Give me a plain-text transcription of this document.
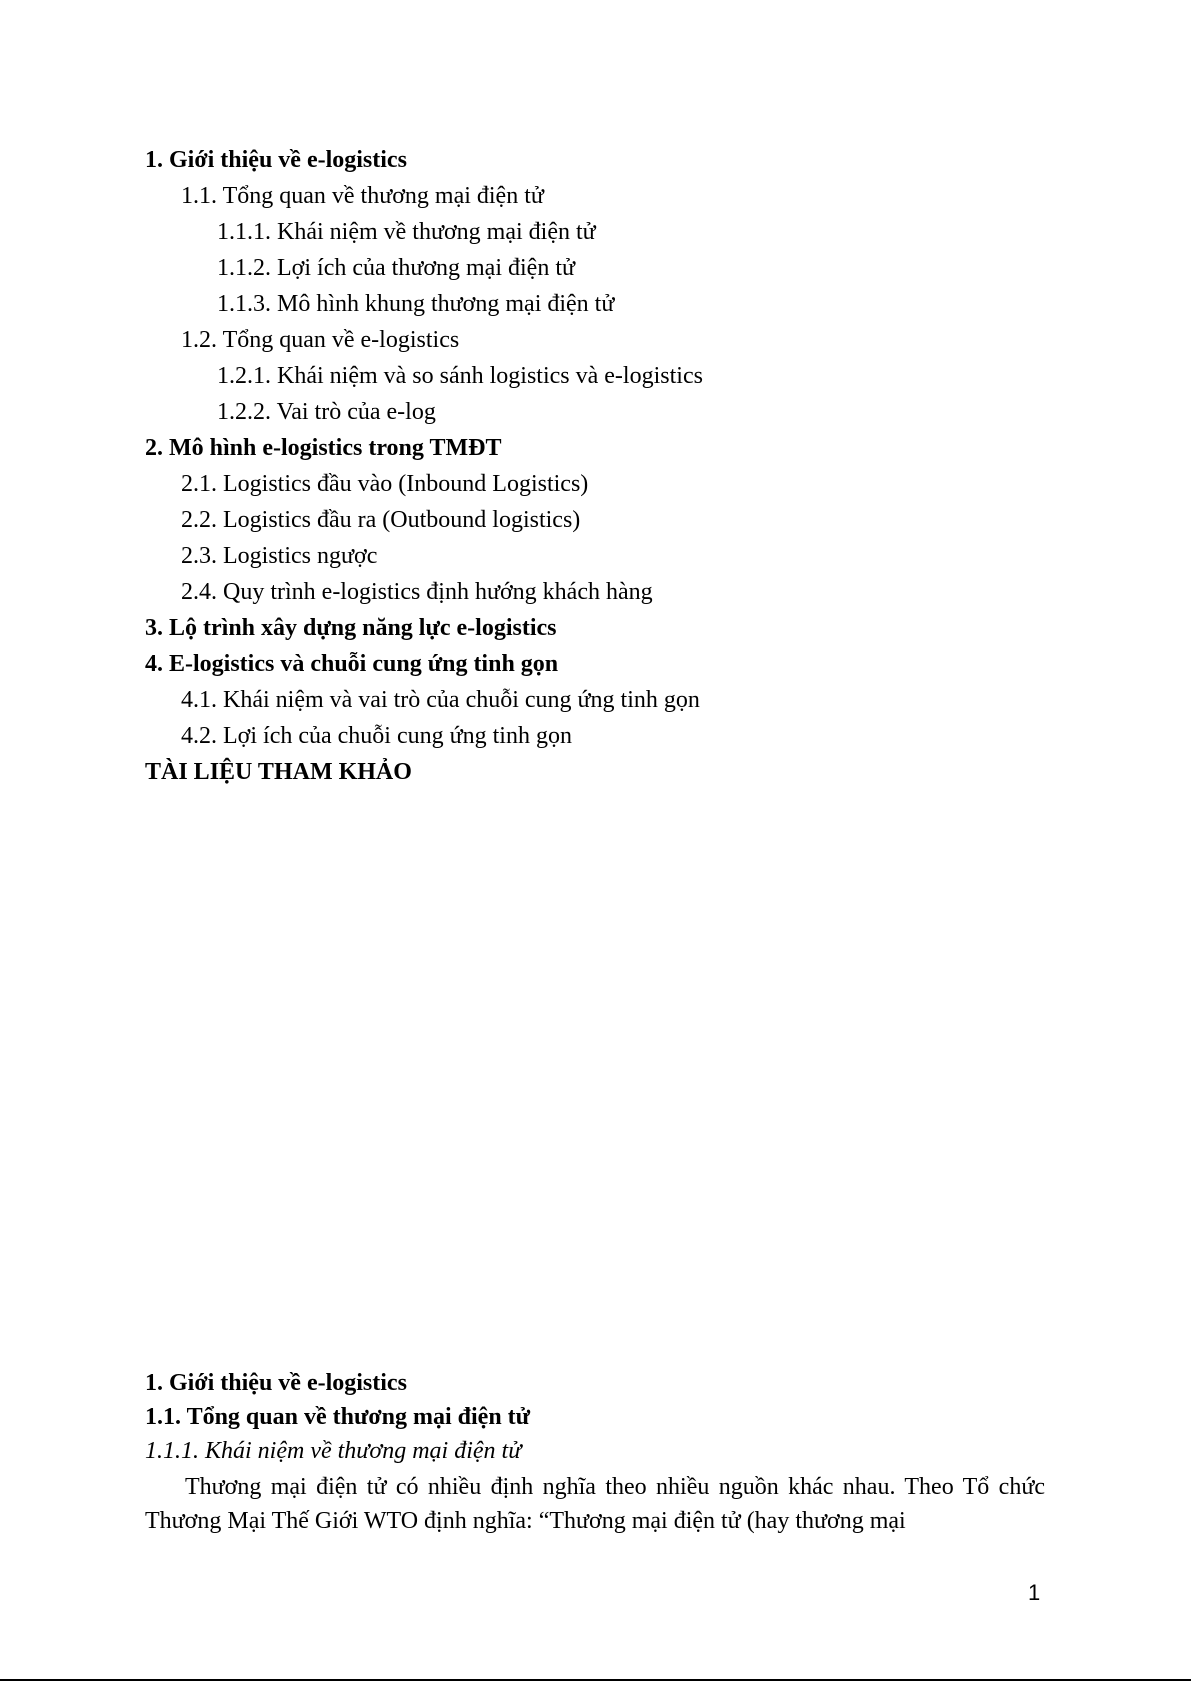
1. Giới thiệu về e-logistics
1.1. Tổng quan về thương mại điện tử
1.1.1. Khái niệm về thương mại điện tử
1.1.2. Lợi ích của thương mại điện tử
1.1.3. Mô hình khung thương mại điện tử
1.2. Tổng quan về e-logistics
1.2.1. Khái niệm và so sánh logistics và e-logistics
1.2.2. Vai trò của e-log
2. Mô hình e-logistics trong TMĐT
2.1. Logistics đầu vào (Inbound Logistics)
2.2. Logistics đầu ra (Outbound logistics)
2.3. Logistics ngược
2.4. Quy trình e-logistics định hướng khách hàng
3. Lộ trình xây dựng năng lực e-logistics
4. E-logistics và chuỗi cung ứng tinh gọn
4.1. Khái niệm và vai trò của chuỗi cung ứng tinh gọn
4.2. Lợi ích của chuỗi cung ứng tinh gọn
TÀI LIỆU THAM KHẢO
1. Giới thiệu về e-logistics
1.1. Tổng quan về thương mại điện tử
1.1.1. Khái niệm về thương mại điện tử

Thương mại điện tử có nhiều định nghĩa theo nhiều nguồn khác nhau. Theo Tổ chức Thương Mại Thế Giới WTO định nghĩa: “Thương mại điện tử (hay thương mại

1
